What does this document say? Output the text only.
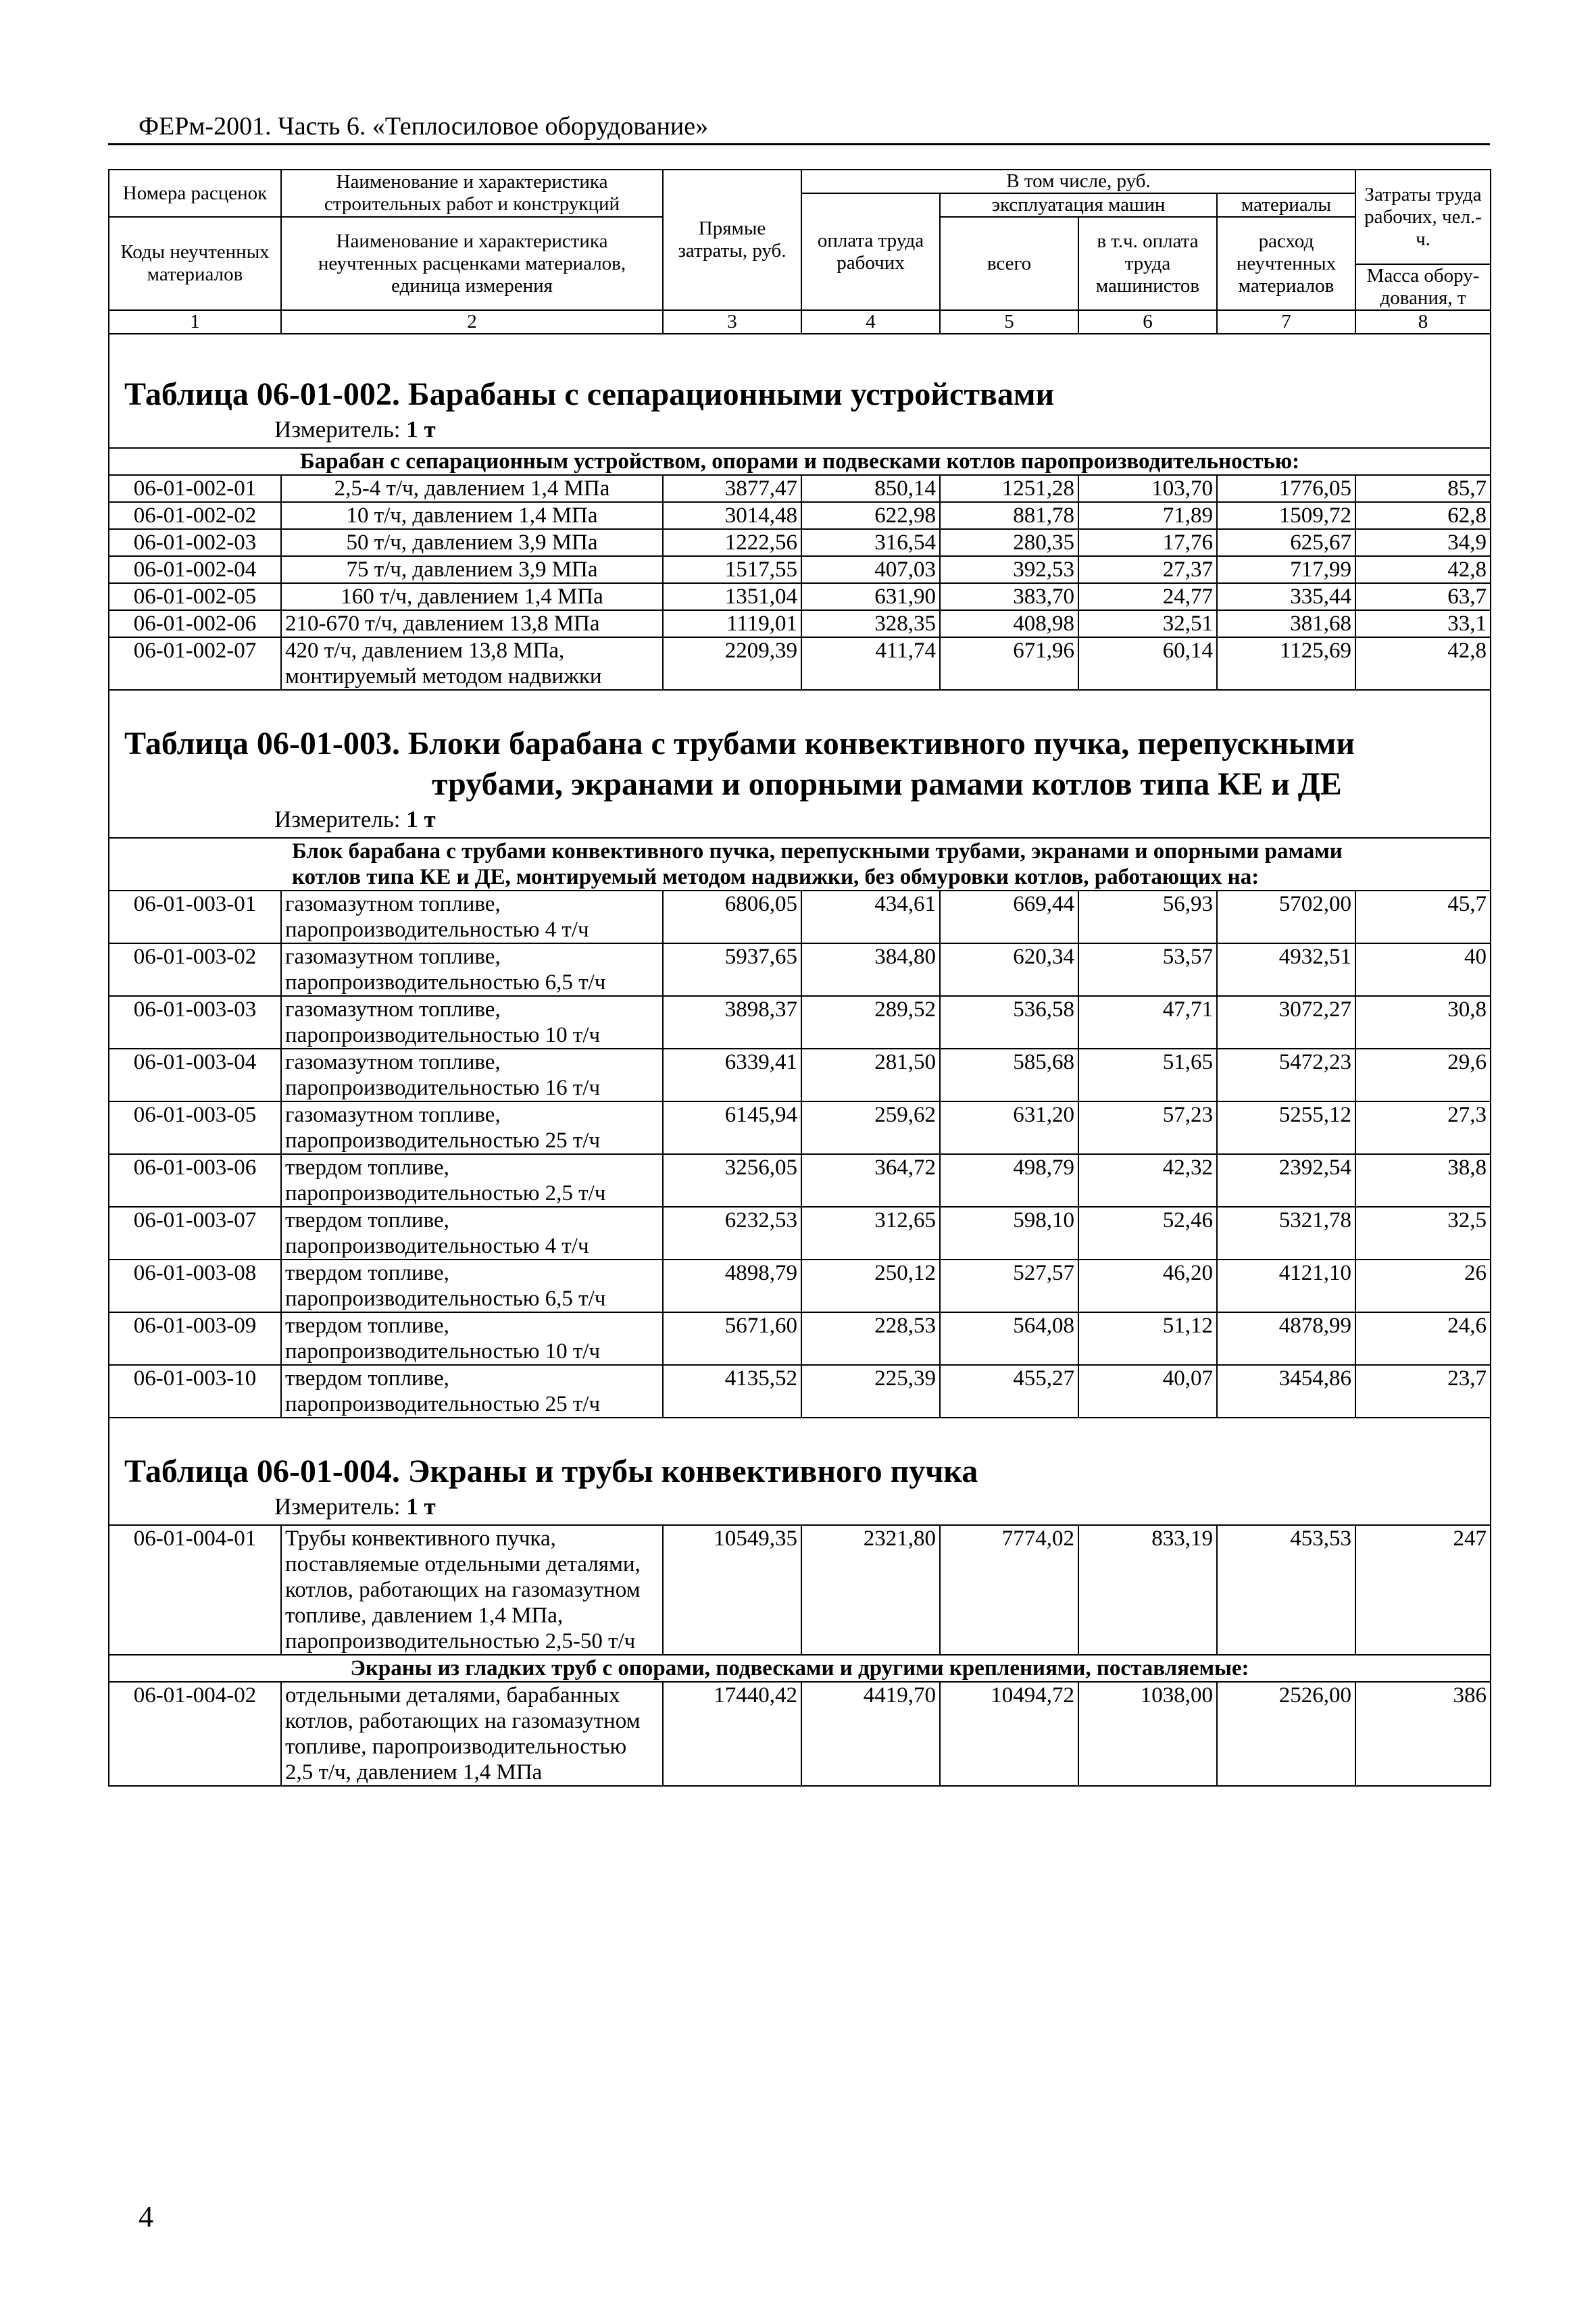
ФЕРм-2001. Часть 6. «Теплосиловое оборудование»
Номера расценок	Наименование и характеристика строительных работ и конструкций	Прямые затраты, руб.	В том числе, руб.				Затраты труда рабочих, чел.-ч.
			оплата труда рабочих	эксплуатация машин		материалы	
Коды неучтенных материалов	Наименование и характеристика неучтенных расценками материалов, единица измерения			всего	в т.ч. оплата труда машинистов	расход неучтенных материалов	
							Масса обору-дования, т
1	2	3	4	5	6	7	8

Таблица 06-01-002. Барабаны с сепарационными устройствами							

Измеритель: 1 т							

Барабан с сепарационным устройством, опорами и подвесками котлов паропроизводительностью:							
06-01-002-01	2,5-4 т/ч, давлением 1,4 МПа	3877,47	850,14	1251,28	103,70	1776,05	85,7
06-01-002-02	10 т/ч, давлением 1,4 МПа	3014,48	622,98	881,78	71,89	1509,72	62,8
06-01-002-03	50 т/ч, давлением 3,9 МПа	1222,56	316,54	280,35	17,76	625,67	34,9
06-01-002-04	75 т/ч, давлением 3,9 МПа	1517,55	407,03	392,53	27,37	717,99	42,8
06-01-002-05	160 т/ч, давлением 1,4 МПа	1351,04	631,90	383,70	24,77	335,44	63,7
06-01-002-06	210-670 т/ч, давлением 13,8 МПа	1119,01	328,35	408,98	32,51	381,68	33,1
06-01-002-07	420 т/ч, давлением 13,8 МПа, монтируемый методом надвижки	2209,39	411,74	671,96	60,14	1125,69	42,8

Таблица 06-01-003. Блоки барабана с трубами конвективного пучка, перепускными
трубами, экранами и опорными рамами котлов типа КЕ и ДЕ							

Измеритель: 1 т							

Блок барабана с трубами конвективного пучка, перепускными трубами, экранами и опорными рамами
котлов типа КЕ и ДЕ, монтируемый методом надвижки, без обмуровки котлов, работающих на:							

06-01-003-01	газомазутном топливе, паропроизводительностью 4 т/ч	6806,05	434,61	669,44	56,93	5702,00	45,7
06-01-003-02	газомазутном топливе, паропроизводительностью 6,5 т/ч	5937,65	384,80	620,34	53,57	4932,51	40
06-01-003-03	газомазутном топливе, паропроизводительностью 10 т/ч	3898,37	289,52	536,58	47,71	3072,27	30,8
06-01-003-04	газомазутном топливе, паропроизводительностью 16 т/ч	6339,41	281,50	585,68	51,65	5472,23	29,6
06-01-003-05	газомазутном топливе, паропроизводительностью 25 т/ч	6145,94	259,62	631,20	57,23	5255,12	27,3
06-01-003-06	твердом топливе, паропроизводительностью 2,5 т/ч	3256,05	364,72	498,79	42,32	2392,54	38,8
06-01-003-07	твердом топливе, паропроизводительностью 4 т/ч	6232,53	312,65	598,10	52,46	5321,78	32,5
06-01-003-08	твердом топливе, паропроизводительностью 6,5 т/ч	4898,79	250,12	527,57	46,20	4121,10	26
06-01-003-09	твердом топливе, паропроизводительностью 10 т/ч	5671,60	228,53	564,08	51,12	4878,99	24,6
06-01-003-10	твердом топливе, паропроизводительностью 25 т/ч	4135,52	225,39	455,27	40,07	3454,86	23,7

Таблица 06-01-004. Экраны и трубы конвективного пучка							

Измеритель: 1 т							

06-01-004-01	Трубы конвективного пучка, поставляемые отдельными деталями, котлов, работающих на газомазутном топливе, давлением 1,4 МПа, паропроизводительностью 2,5-50 т/ч	10549,35	2321,80	7774,02	833,19	453,53	247
Экраны из гладких труб с опорами, подвесками и другими креплениями, поставляемые:							
06-01-004-02	отдельными деталями, барабанных котлов, работающих на газомазутном топливе, паропроизводительностью 2,5 т/ч, давлением 1,4 МПа	17440,42	4419,70	10494,72	1038,00	2526,00	386
4
